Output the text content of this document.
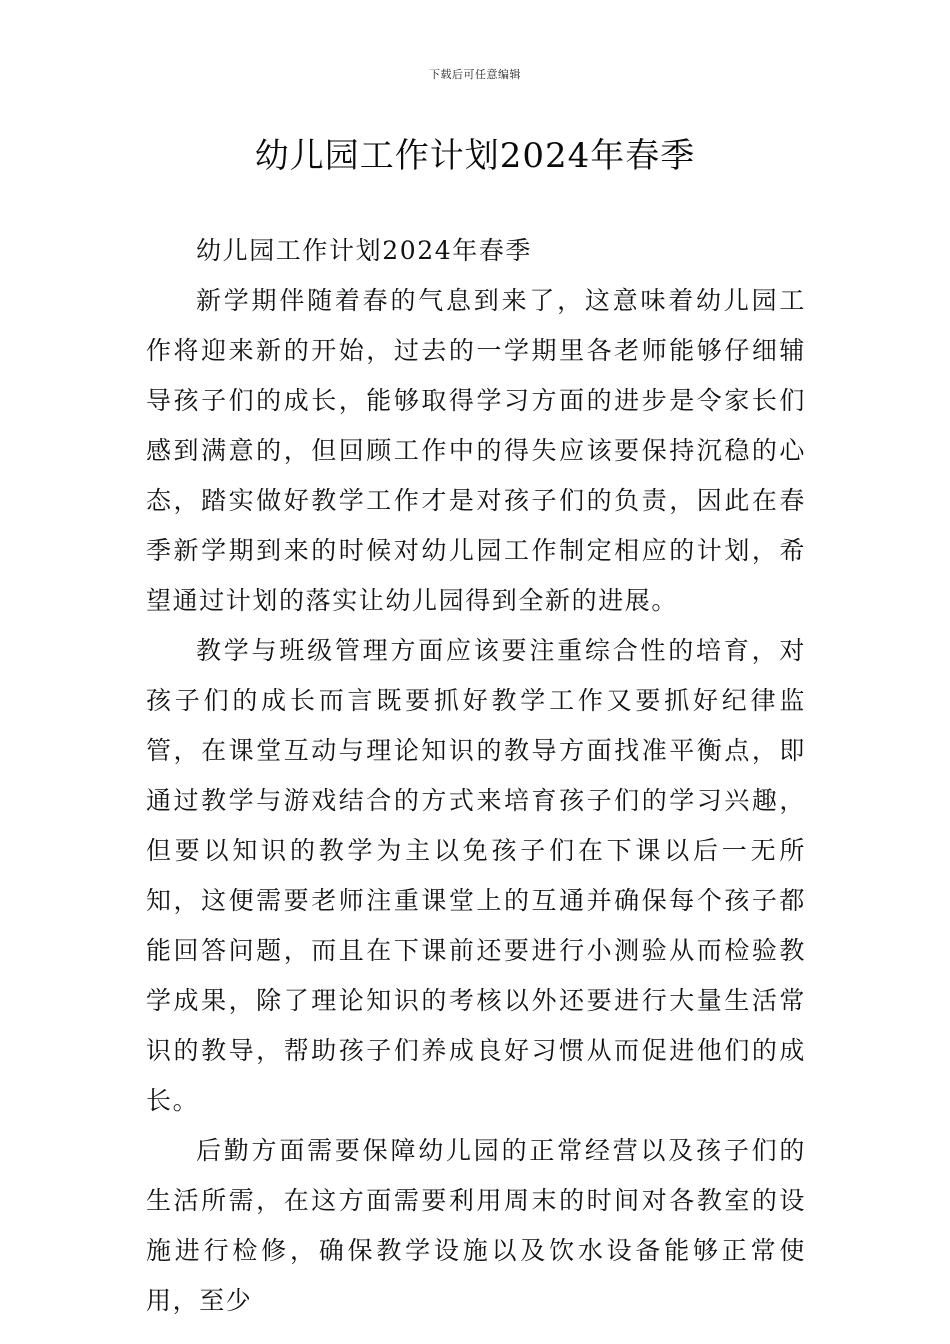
下载后可任意编辑
幼儿园工作计划2024年春季

幼儿园工作计划2024年春季

新学期伴随着春的气息到来了，这意味着幼儿园工作将迎来新的开始，过去的一学期里各老师能够仔细辅导孩子们的成长，能够取得学习方面的进步是令家长们感到满意的，但回顾工作中的得失应该要保持沉稳的心态，踏实做好教学工作才是对孩子们的负责，因此在春季新学期到来的时候对幼儿园工作制定相应的计划，希望通过计划的落实让幼儿园得到全新的进展。

教学与班级管理方面应该要注重综合性的培育，对孩子们的成长而言既要抓好教学工作又要抓好纪律监管，在课堂互动与理论知识的教导方面找准平衡点，即通过教学与游戏结合的方式来培育孩子们的学习兴趣，但要以知识的教学为主以免孩子们在下课以后一无所知，这便需要老师注重课堂上的互通并确保每个孩子都能回答问题，而且在下课前还要进行小测验从而检验教学成果，除了理论知识的考核以外还要进行大量生活常识的教导，帮助孩子们养成良好习惯从而促进他们的成长。

后勤方面需要保障幼儿园的正常经营以及孩子们的生活所需，在这方面需要利用周末的时间对各教室的设施进行检修，确保教学设施以及饮水设备能够正常使用，至少
